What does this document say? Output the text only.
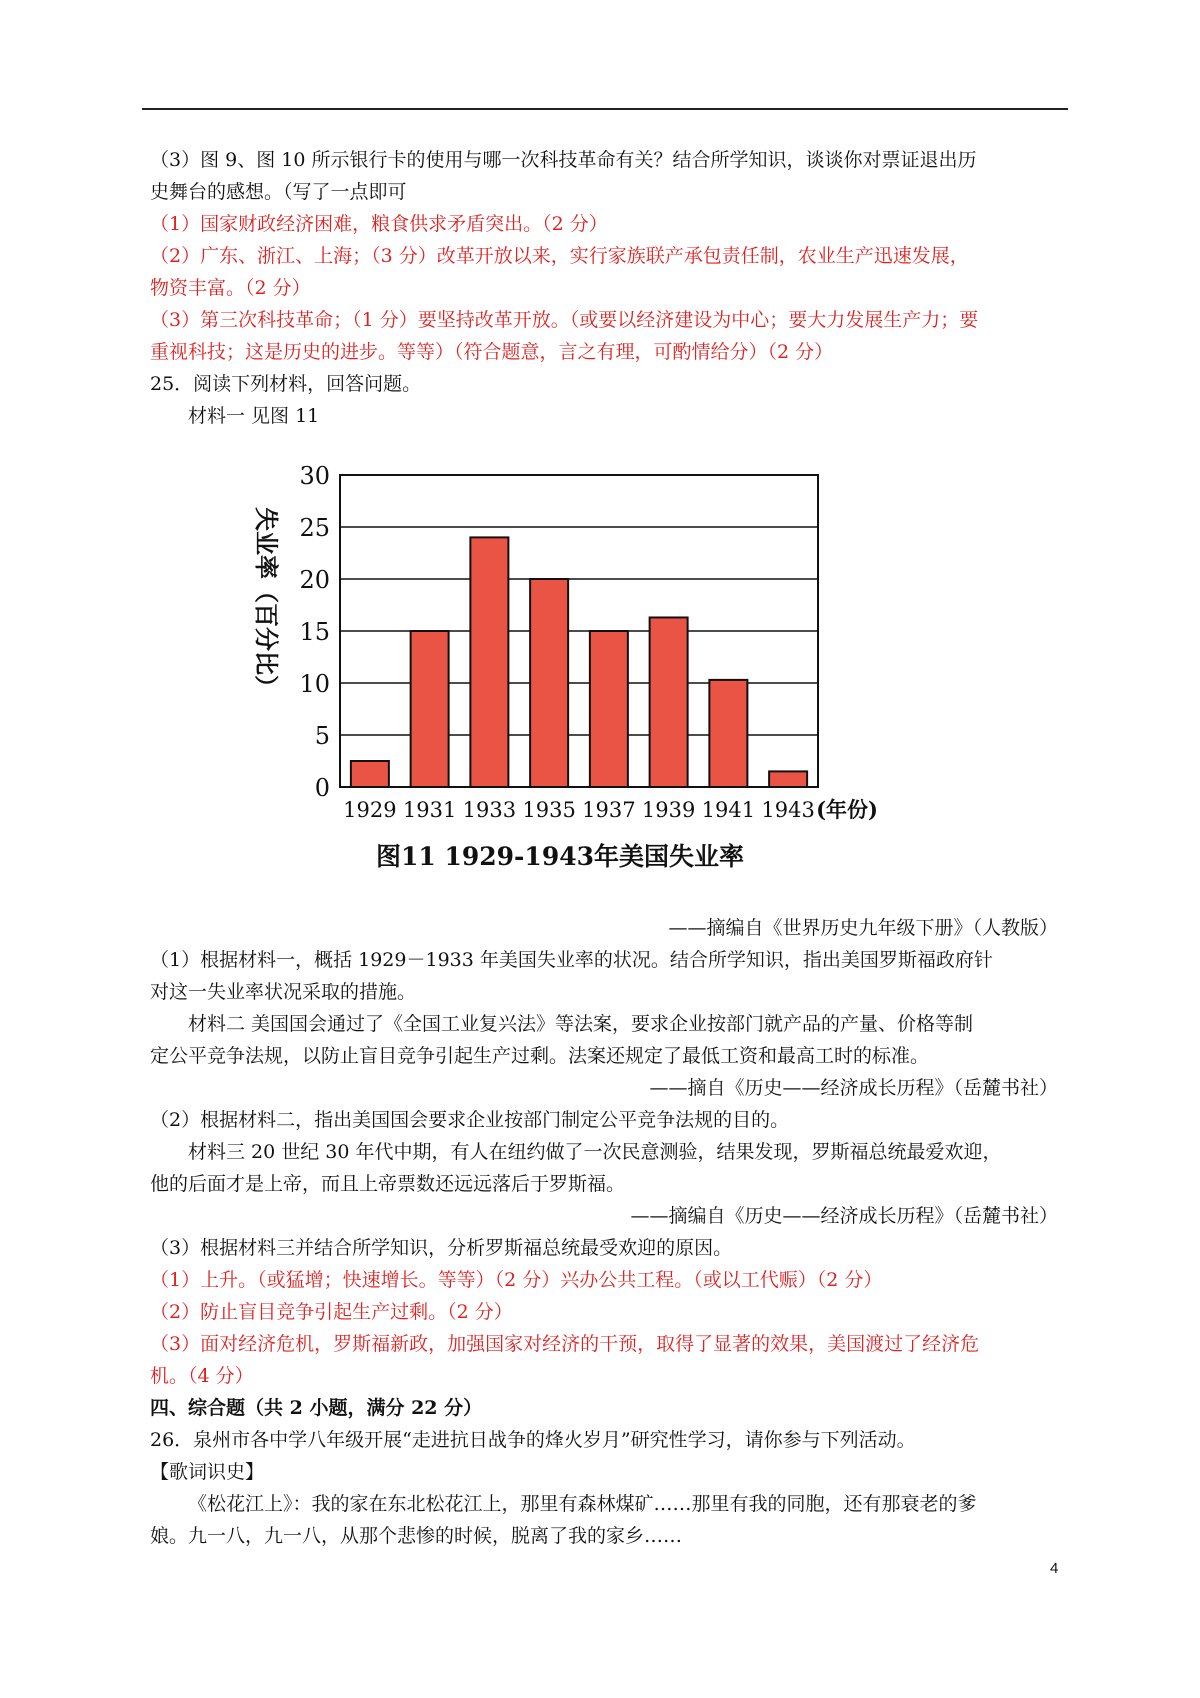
（3）图 9、图 10 所示银行卡的使用与哪一次科技革命有关？结合所学知识，谈谈你对票证退出历
史舞台的感想。（写了一点即可
（1）国家财政经济困难，粮食供求矛盾突出。（2 分）
（2）广东、浙江、上海；（3 分）改革开放以来，实行家族联产承包责任制，农业生产迅速发展，
物资丰富。（2 分）
（3）第三次科技革命；（1 分）要坚持改革开放。（或要以经济建设为中心；要大力发展生产力；要
重视科技；这是历史的进步。等等）（符合题意，言之有理，可酌情给分）（2 分）
25．阅读下列材料，回答问题。
材料一 见图 11
0
5
10
15
20
25
30
1929 1931 1933 1935 1937 1939 1941 1943
失业率（百分比）
(年份)
图11 1929-1943年美国失业率
——摘编自《世界历史九年级下册》（人教版）
（1）根据材料一，概括 1929－1933 年美国失业率的状况。结合所学知识，指出美国罗斯福政府针
对这一失业率状况采取的措施。
材料二 美国国会通过了《全国工业复兴法》等法案，要求企业按部门就产品的产量、价格等制
定公平竞争法规，以防止盲目竞争引起生产过剩。法案还规定了最低工资和最高工时的标准。
——摘自《历史——经济成长历程》（岳麓书社）
（2）根据材料二，指出美国国会要求企业按部门制定公平竞争法规的目的。
材料三 20 世纪 30 年代中期，有人在纽约做了一次民意测验，结果发现，罗斯福总统最爱欢迎，
他的后面才是上帝，而且上帝票数还远远落后于罗斯福。
——摘编自《历史——经济成长历程》（岳麓书社）
（3）根据材料三并结合所学知识，分析罗斯福总统最受欢迎的原因。
（1）上升。（或猛增；快速增长。等等）（2 分）兴办公共工程。（或以工代赈）（2 分）
（2）防止盲目竞争引起生产过剩。（2 分）
（3）面对经济危机，罗斯福新政，加强国家对经济的干预，取得了显著的效果，美国渡过了经济危
机。（4 分）
四、综合题（共 2 小题，满分 22 分）
26．泉州市各中学八年级开展“走进抗日战争的烽火岁月”研究性学习，请你参与下列活动。
【歌词识史】
《松花江上》：我的家在东北松花江上，那里有森林煤矿……那里有我的同胞，还有那衰老的爹
娘。九一八，九一八，从那个悲惨的时候，脱离了我的家乡……
4
